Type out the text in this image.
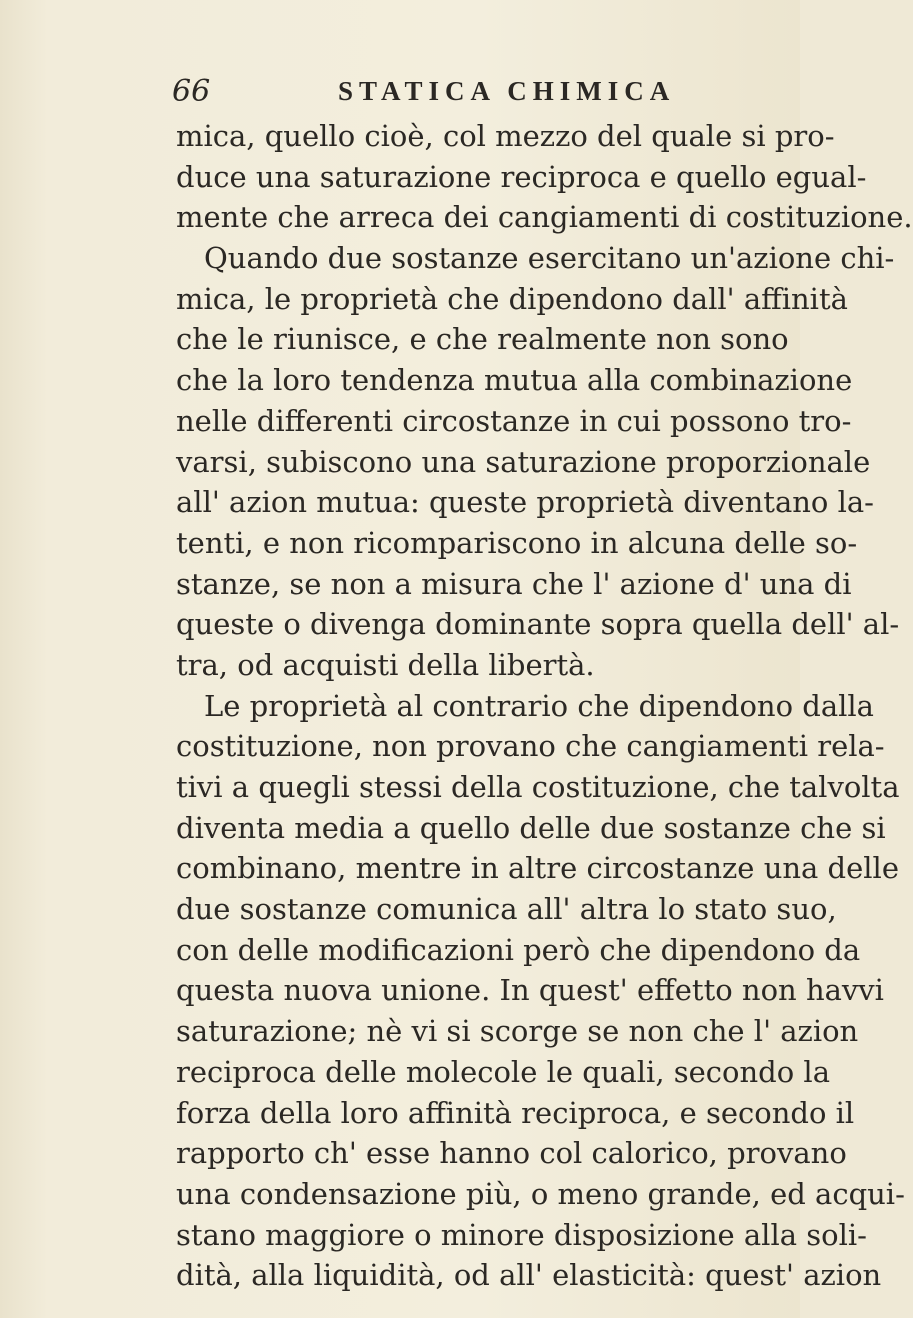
66	STATICA CHIMICA
mica, quello cioè, col mezzo del quale si pro-
duce una saturazione reciproca e quello egual-
mente che arreca dei cangiamenti di costituzione.
Quando due sostanze esercitano un'azione chi-
mica, le proprietà che dipendono dall' affinità
che le riunisce, e che realmente non sono
che la loro tendenza mutua alla combinazione
nelle differenti circostanze in cui possono tro-
varsi, subiscono una saturazione proporzionale
all' azion mutua: queste proprietà diventano la-
tenti, e non ricompariscono in alcuna delle so-
stanze, se non a misura che l' azione d' una di
queste o divenga dominante sopra quella dell' al-
tra, od acquisti della libertà.
Le proprietà al contrario che dipendono dalla
costituzione, non provano che cangiamenti rela-
tivi a quegli stessi della costituzione, che talvolta
diventa media a quello delle due sostanze che si
combinano, mentre in altre circostanze una delle
due sostanze comunica all' altra lo stato suo,
con delle modificazioni però che dipendono da
questa nuova unione. In quest' effetto non havvi
saturazione; nè vi si scorge se non che l' azion
reciproca delle molecole le quali, secondo la
forza della loro affinità reciproca, e secondo il
rapporto ch' esse hanno col calorico, provano
una condensazione più, o meno grande, ed acqui-
stano maggiore o minore disposizione alla soli-
dità, alla liquidità, od all' elasticità: quest' azion
